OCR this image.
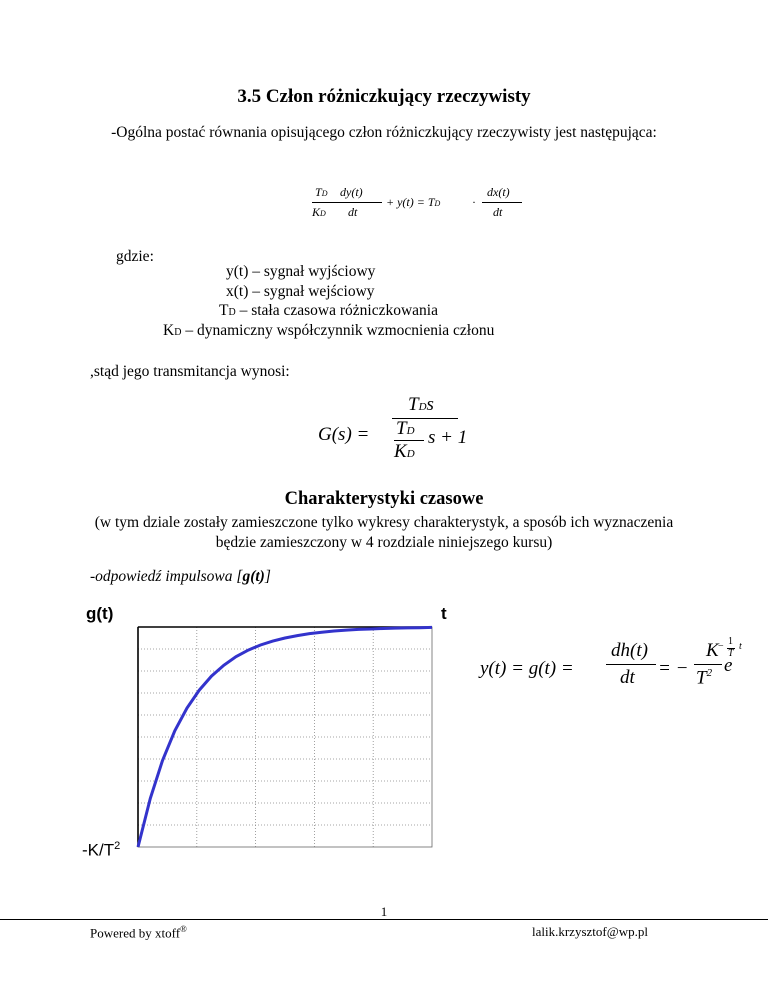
3.5 Człon różniczkujący rzeczywisty
-Ogólna postać równania opisującego człon różniczkujący rzeczywisty jest następująca:
TD dy(t)
KD dt
+ y(t) = TD	·
dx(t)
dt
gdzie:
y(t) – sygnał wyjściowy
x(t) – sygnał wejściowy
TD – stała czasowa różniczkowania
KD – dynamiczny współczynnik wzmocnienia członu
,stąd jego transmitancja wynosi:
G(s) =
TDs
TD
KD
s + 1
Charakterystyki czasowe
(w tym dziale zostały zamieszczone tylko wykresy charakterystyk, a sposób ich wyznaczenia będzie zamieszczony w 4 rozdziale niniejszego kursu)
-odpowiedź impulsowa [g(t)]
g(t)	t
$-K/T^2$
y(t) = g(t) =
dh(t)
dt = −
K
$T^2$ e
− 1
T
t
1
Powered by xtoff®	lalik.krzysztof@wp.pl
